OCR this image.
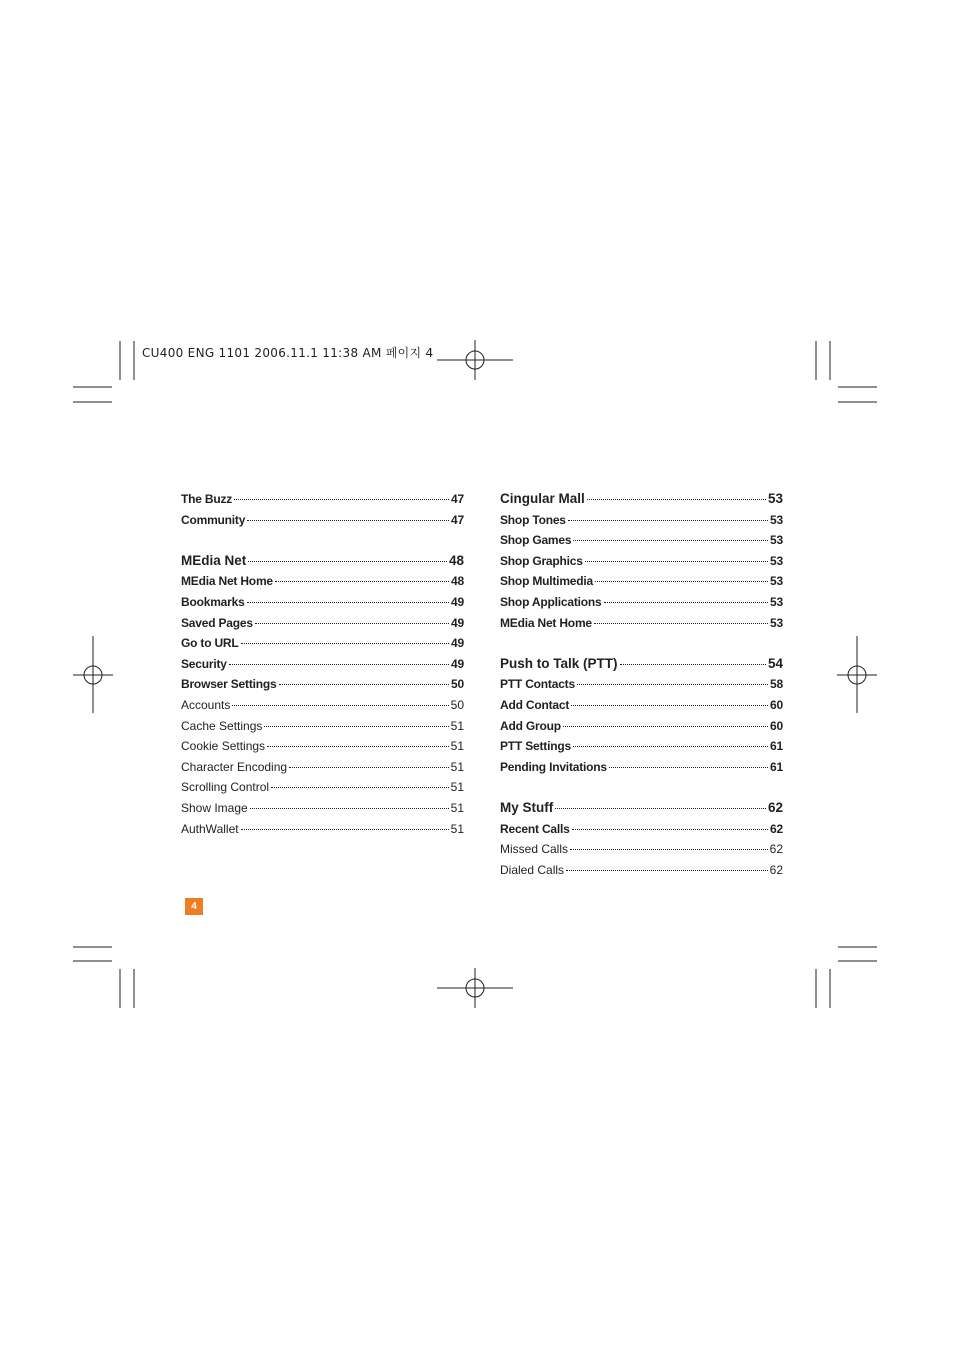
CU400 ENG 1101 2006.11.1 11:38 AM 페이지 4
The Buzz	47
Community	47
MEdia Net	48
MEdia Net Home	48
Bookmarks	49
Saved Pages	49
Go to URL	49
Security	49
Browser Settings	50
Accounts	50
Cache Settings	51
Cookie Settings	51
Character Encoding	51
Scrolling Control	51
Show Image	51
AuthWallet	51
Cingular Mall	53
Shop Tones	53
Shop Games	53
Shop Graphics	53
Shop Multimedia	53
Shop Applications	53
MEdia Net Home	53
Push to Talk (PTT)	54
PTT Contacts	58
Add Contact	60
Add Group	60
PTT Settings	61
Pending Invitations	61
My Stuff	62
Recent Calls	62
Missed Calls	62
Dialed Calls	62
4
